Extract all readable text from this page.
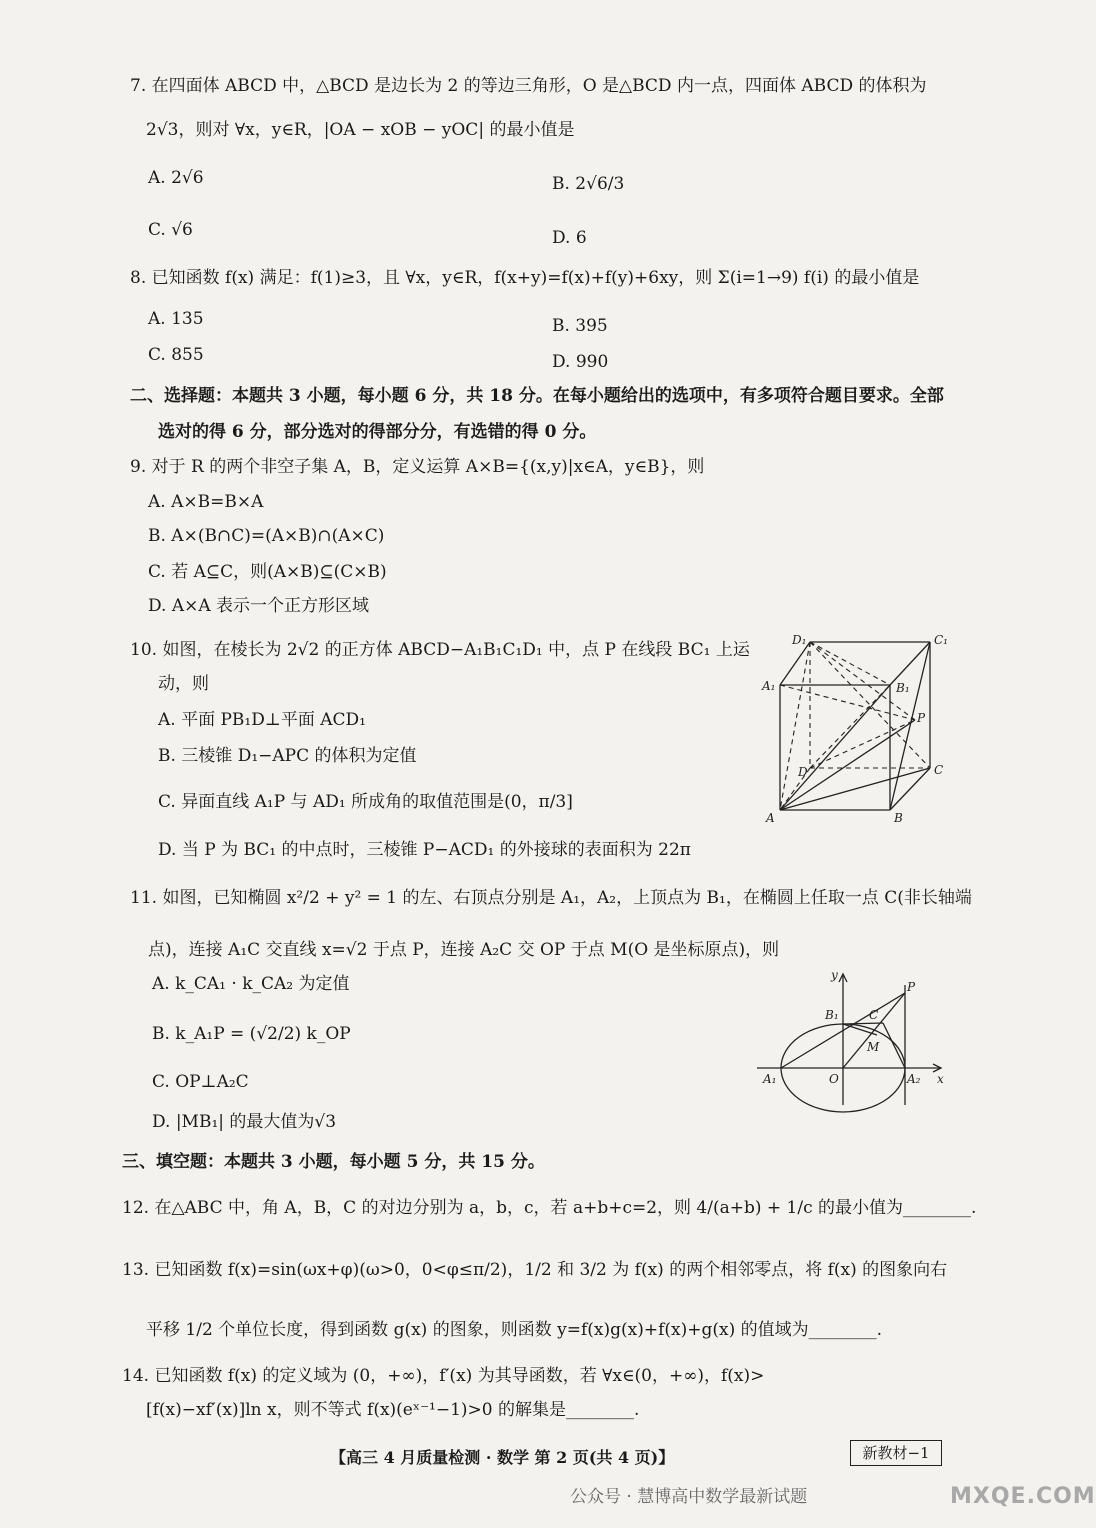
7. 在四面体 ABCD 中，△BCD 是边长为 2 的等边三角形，O 是△BCD 内一点，四面体 ABCD 的体积为
2√3，则对 ∀x，y∈R，|OA − xOB − yOC| 的最小值是
A. 2√6	B. 2√6/3
C. √6	D. 6
8. 已知函数 f(x) 满足：f(1)≥3，且 ∀x，y∈R，f(x+y)=f(x)+f(y)+6xy，则 Σ(i=1→9) f(i) 的最小值是
A. 135	B. 395
C. 855	D. 990
二、选择题：本题共 3 小题，每小题 6 分，共 18 分。在每小题给出的选项中，有多项符合题目要求。全部
选对的得 6 分，部分选对的得部分分，有选错的得 0 分。
9. 对于 R 的两个非空子集 A，B，定义运算 A×B={(x,y)|x∈A，y∈B}，则
A. A×B=B×A
B. A×(B∩C)=(A×B)∩(A×C)
C. 若 A⊆C，则(A×B)⊆(C×B)
D. A×A 表示一个正方形区域
10. 如图，在棱长为 2√2 的正方体 ABCD−A₁B₁C₁D₁ 中，点 P 在线段 BC₁ 上运
动，则
A. 平面 PB₁D⊥平面 ACD₁
B. 三棱锥 D₁−APC 的体积为定值
C. 异面直线 A₁P 与 AD₁ 所成角的取值范围是(0，π/3]
D. 当 P 为 BC₁ 的中点时，三棱锥 P−ACD₁ 的外接球的表面积为 22π
D₁	C₁
A₁	B₁
P
D	C
A	B
11. 如图，已知椭圆 x²/2 + y² = 1 的左、右顶点分别是 A₁，A₂，上顶点为 B₁，在椭圆上任取一点 C(非长轴端
点)，连接 A₁C 交直线 x=√2 于点 P，连接 A₂C 交 OP 于点 M(O 是坐标原点)，则
A. k_CA₁ · k_CA₂ 为定值
B. k_A₁P = (√2/2) k_OP
C. OP⊥A₂C
D. |MB₁| 的最大值为√3
y
x
B₁	C
P
M
A₁	O	A₂
三、填空题：本题共 3 小题，每小题 5 分，共 15 分。
12. 在△ABC 中，角 A，B，C 的对边分别为 a，b，c，若 a+b+c=2，则 4/(a+b) + 1/c 的最小值为________.
13. 已知函数 f(x)=sin(ωx+φ)(ω>0，0<φ≤π/2)，1/2 和 3/2 为 f(x) 的两个相邻零点，将 f(x) 的图象向右
平移 1/2 个单位长度，得到函数 g(x) 的图象，则函数 y=f(x)g(x)+f(x)+g(x) 的值域为________.
14. 已知函数 f(x) 的定义域为 (0，+∞)，f′(x) 为其导函数，若 ∀x∈(0，+∞)，f(x)>
[f(x)−xf′(x)]ln x，则不等式 f(x)(eˣ⁻¹−1)>0 的解集是________.
【高三 4 月质量检测 · 数学 第 2 页(共 4 页)】	新教材−1
公众号 · 慧博高中数学最新试题	MXQE.COM
